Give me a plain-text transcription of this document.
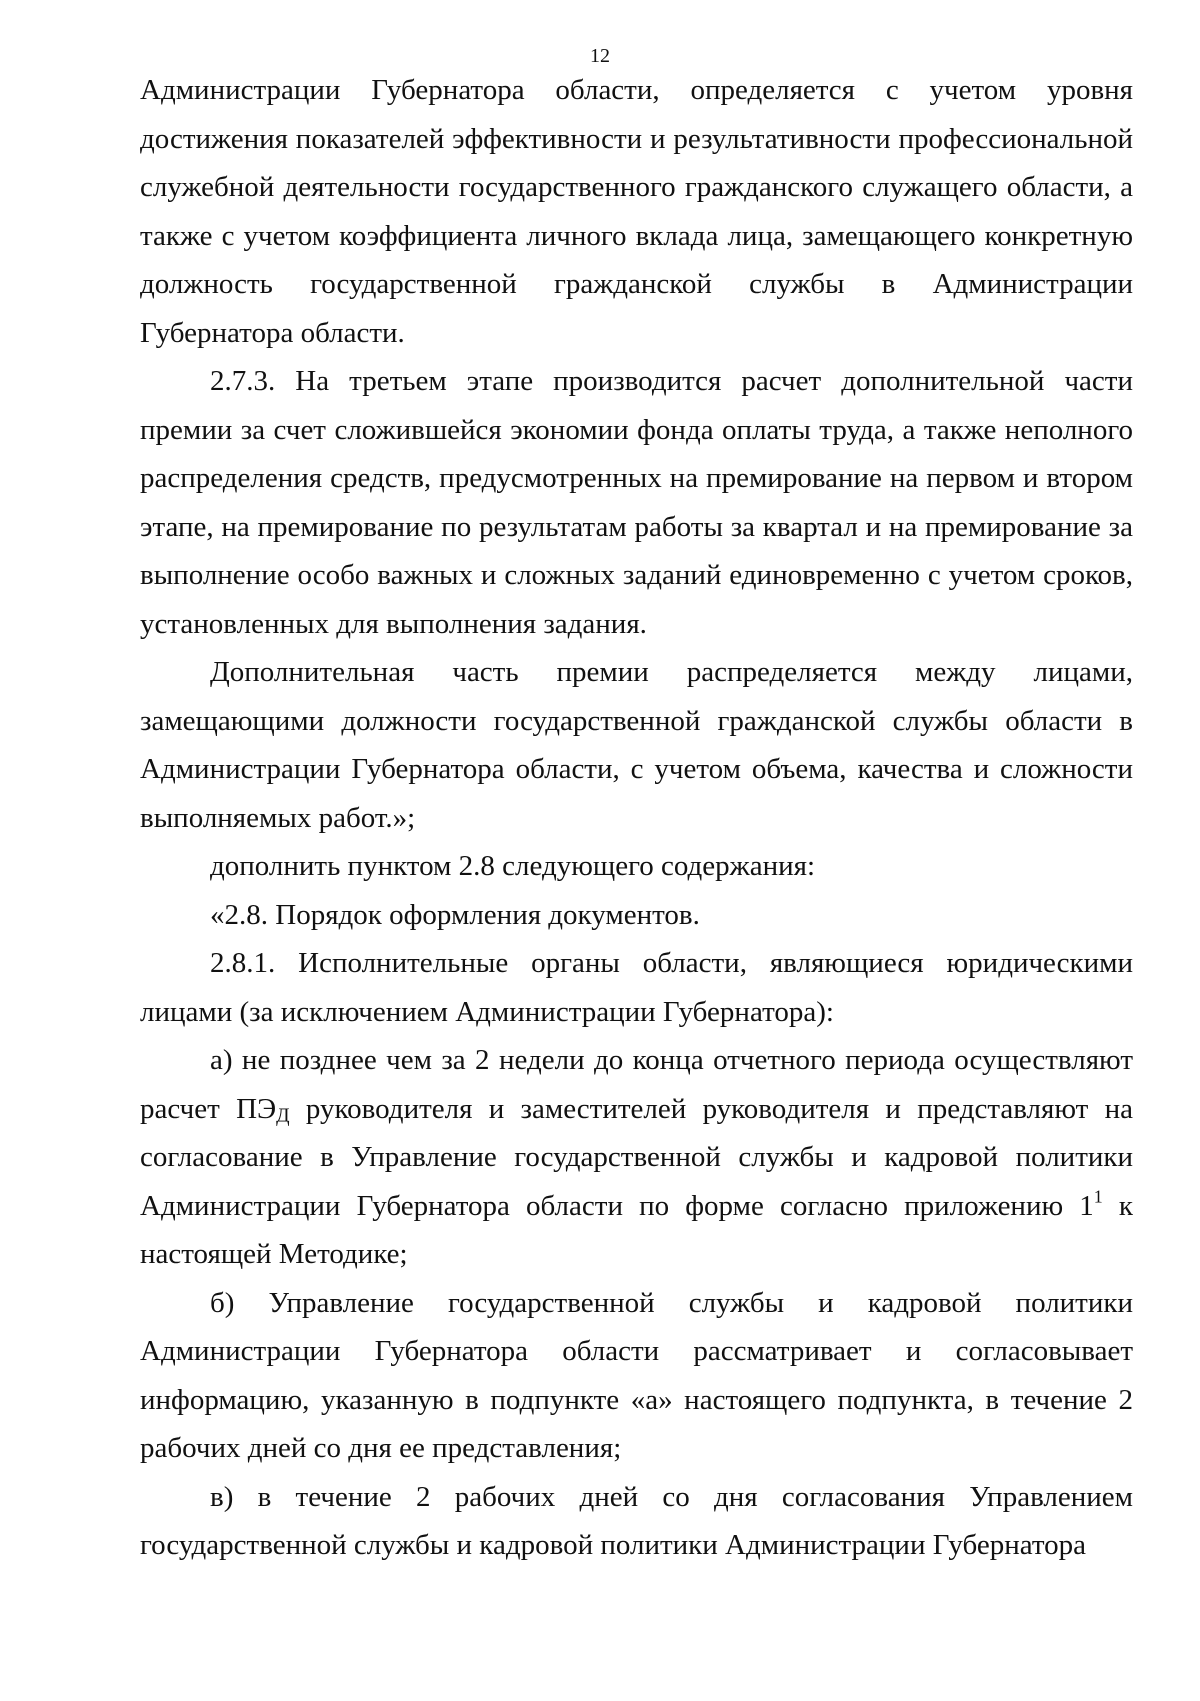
12

Администрации Губернатора области, определяется с учетом уровня достижения показателей эффективности и результативности профессиональной служебной деятельности государственного гражданского служащего области, а также с учетом коэффициента личного вклада лица, замещающего конкретную должность государственной гражданской службы в Администрации Губернатора области.

2.7.3. На третьем этапе производится расчет дополнительной части премии за счет сложившейся экономии фонда оплаты труда, а также неполного распределения средств, предусмотренных на премирование на первом и втором этапе, на премирование по результатам работы за квартал и на премирование за выполнение особо важных и сложных заданий единовременно с учетом сроков, установленных для выполнения задания.

Дополнительная часть премии распределяется между лицами, замещающими должности государственной гражданской службы области в Администрации Губернатора области, с учетом объема, качества и сложности выполняемых работ.»;

дополнить пунктом 2.8 следующего содержания:

«2.8. Порядок оформления документов.

2.8.1. Исполнительные органы области, являющиеся юридическими лицами (за исключением Администрации Губернатора):

а) не позднее чем за 2 недели до конца отчетного периода осуществляют расчет ПЭД руководителя и заместителей руководителя и представляют на согласование в Управление государственной службы и кадровой политики Администрации Губернатора области по форме согласно приложению $1^1$ к настоящей Методике;

б) Управление государственной службы и кадровой политики Администрации Губернатора области рассматривает и согласовывает информацию, указанную в подпункте «а» настоящего подпункта, в течение 2 рабочих дней со дня ее представления;

в) в течение 2 рабочих дней со дня согласования Управлением государственной службы и кадровой политики Администрации Губернатора
